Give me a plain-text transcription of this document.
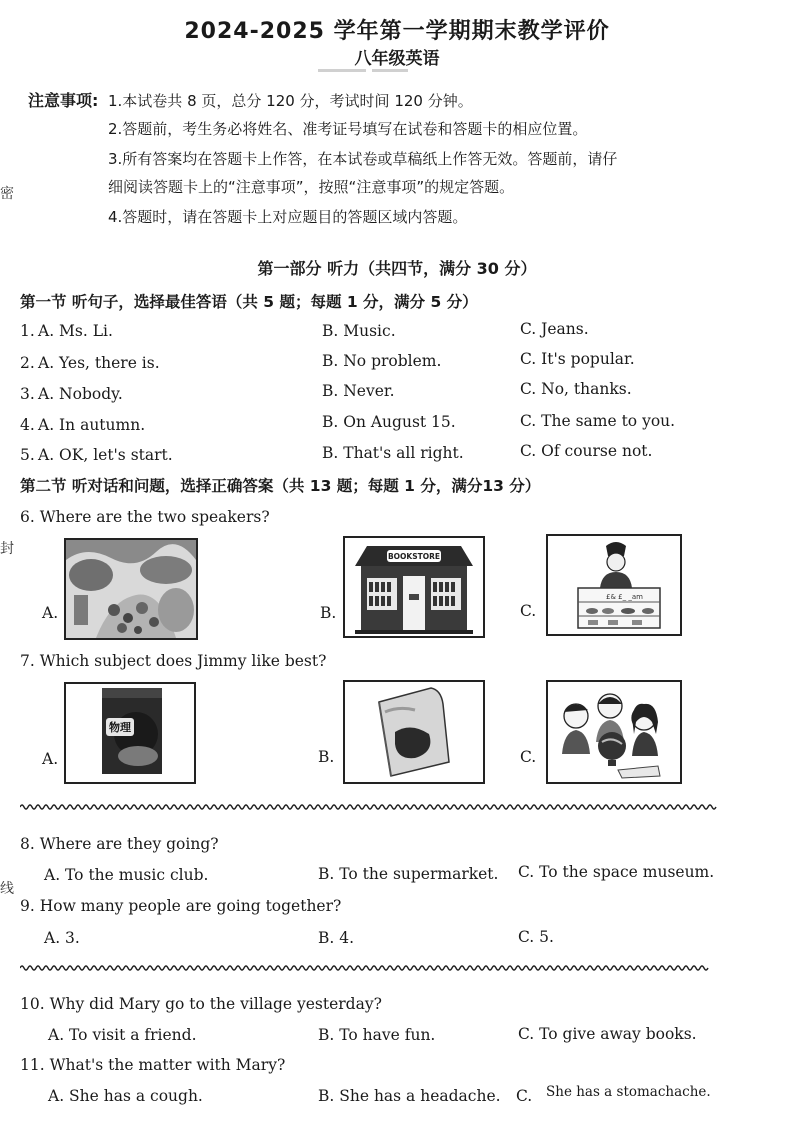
2024-2025 学年第一学期期末教学评价
八年级英语
注意事项: 1.本试卷共 8 页，总分 120 分，考试时间 120 分钟。
2.答题前，考生务必将姓名、准考证号填写在试卷和答题卡的相应位置。
3.所有答案均在答题卡上作答，在本试卷或草稿纸上作答无效。答题前，请仔
细阅读答题卡上的“注意事项”，按照“注意事项”的规定答题。
4.答题时，请在答题卡上对应题目的答题区域内答题。
密
封
线
第一部分 听力（共四节，满分 30 分）
第一节 听句子，选择最佳答语（共 5 题；每题 1 分，满分 5 分）
1. A. Ms. Li.	B. Music.	C. Jeans.
2. A. Yes, there is.	B. No problem.	C. It's popular.
3. A. Nobody.	B. Never.	C. No, thanks.
4. A. In autumn.	B. On August 15.	C. The same to you.
5. A. OK, let's start.	B. That's all right.	C. Of course not.
第二节 听对话和问题，选择正确答案（共 13 题；每题 1 分，满分13 分）
6. Where are the two speakers?
A.	B.
BOOKSTORE
C.
£& £_ _am
7. Which subject does Jimmy like best?
A.
物理
B.	C.
8. Where are they going?
A. To the music club.	B. To the supermarket. C. To the space museum.
9. How many people are going together?
A. 3.	B. 4.	C. 5.
10. Why did Mary go to the village yesterday?
A. To visit a friend.	B. To have fun.	C. To give away books.
11. What's the matter with Mary?
A. She has a cough.	B. She has a headache. C. She has a stomachache.
